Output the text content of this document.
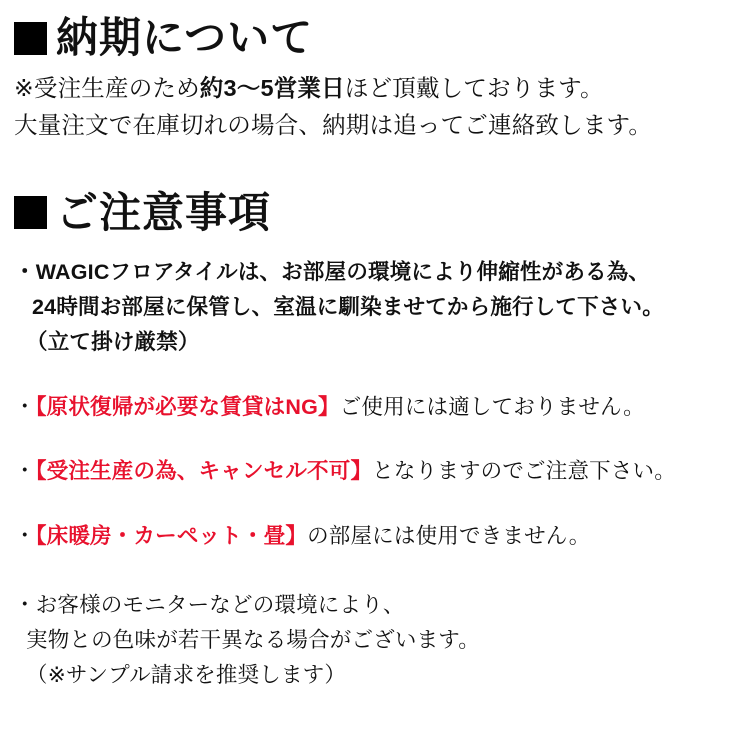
納期について
※受注生産のため約3〜5営業日ほど頂戴しております。
大量注文で在庫切れの場合、納期は追ってご連絡致します。
ご注意事項
・WAGICフロアタイルは、お部屋の環境により伸縮性がある為、
24時間お部屋に保管し、室温に馴染ませてから施行して下さい。
（立て掛け厳禁）
・【原状復帰が必要な賃貸はNG】ご使用には適しておりません。
・【受注生産の為、キャンセル不可】となりますのでご注意下さい。
・【床暖房・カーペット・畳】の部屋には使用できません。
・お客様のモニターなどの環境により、
実物との色味が若干異なる場合がございます。
（※サンプル請求を推奨します）
